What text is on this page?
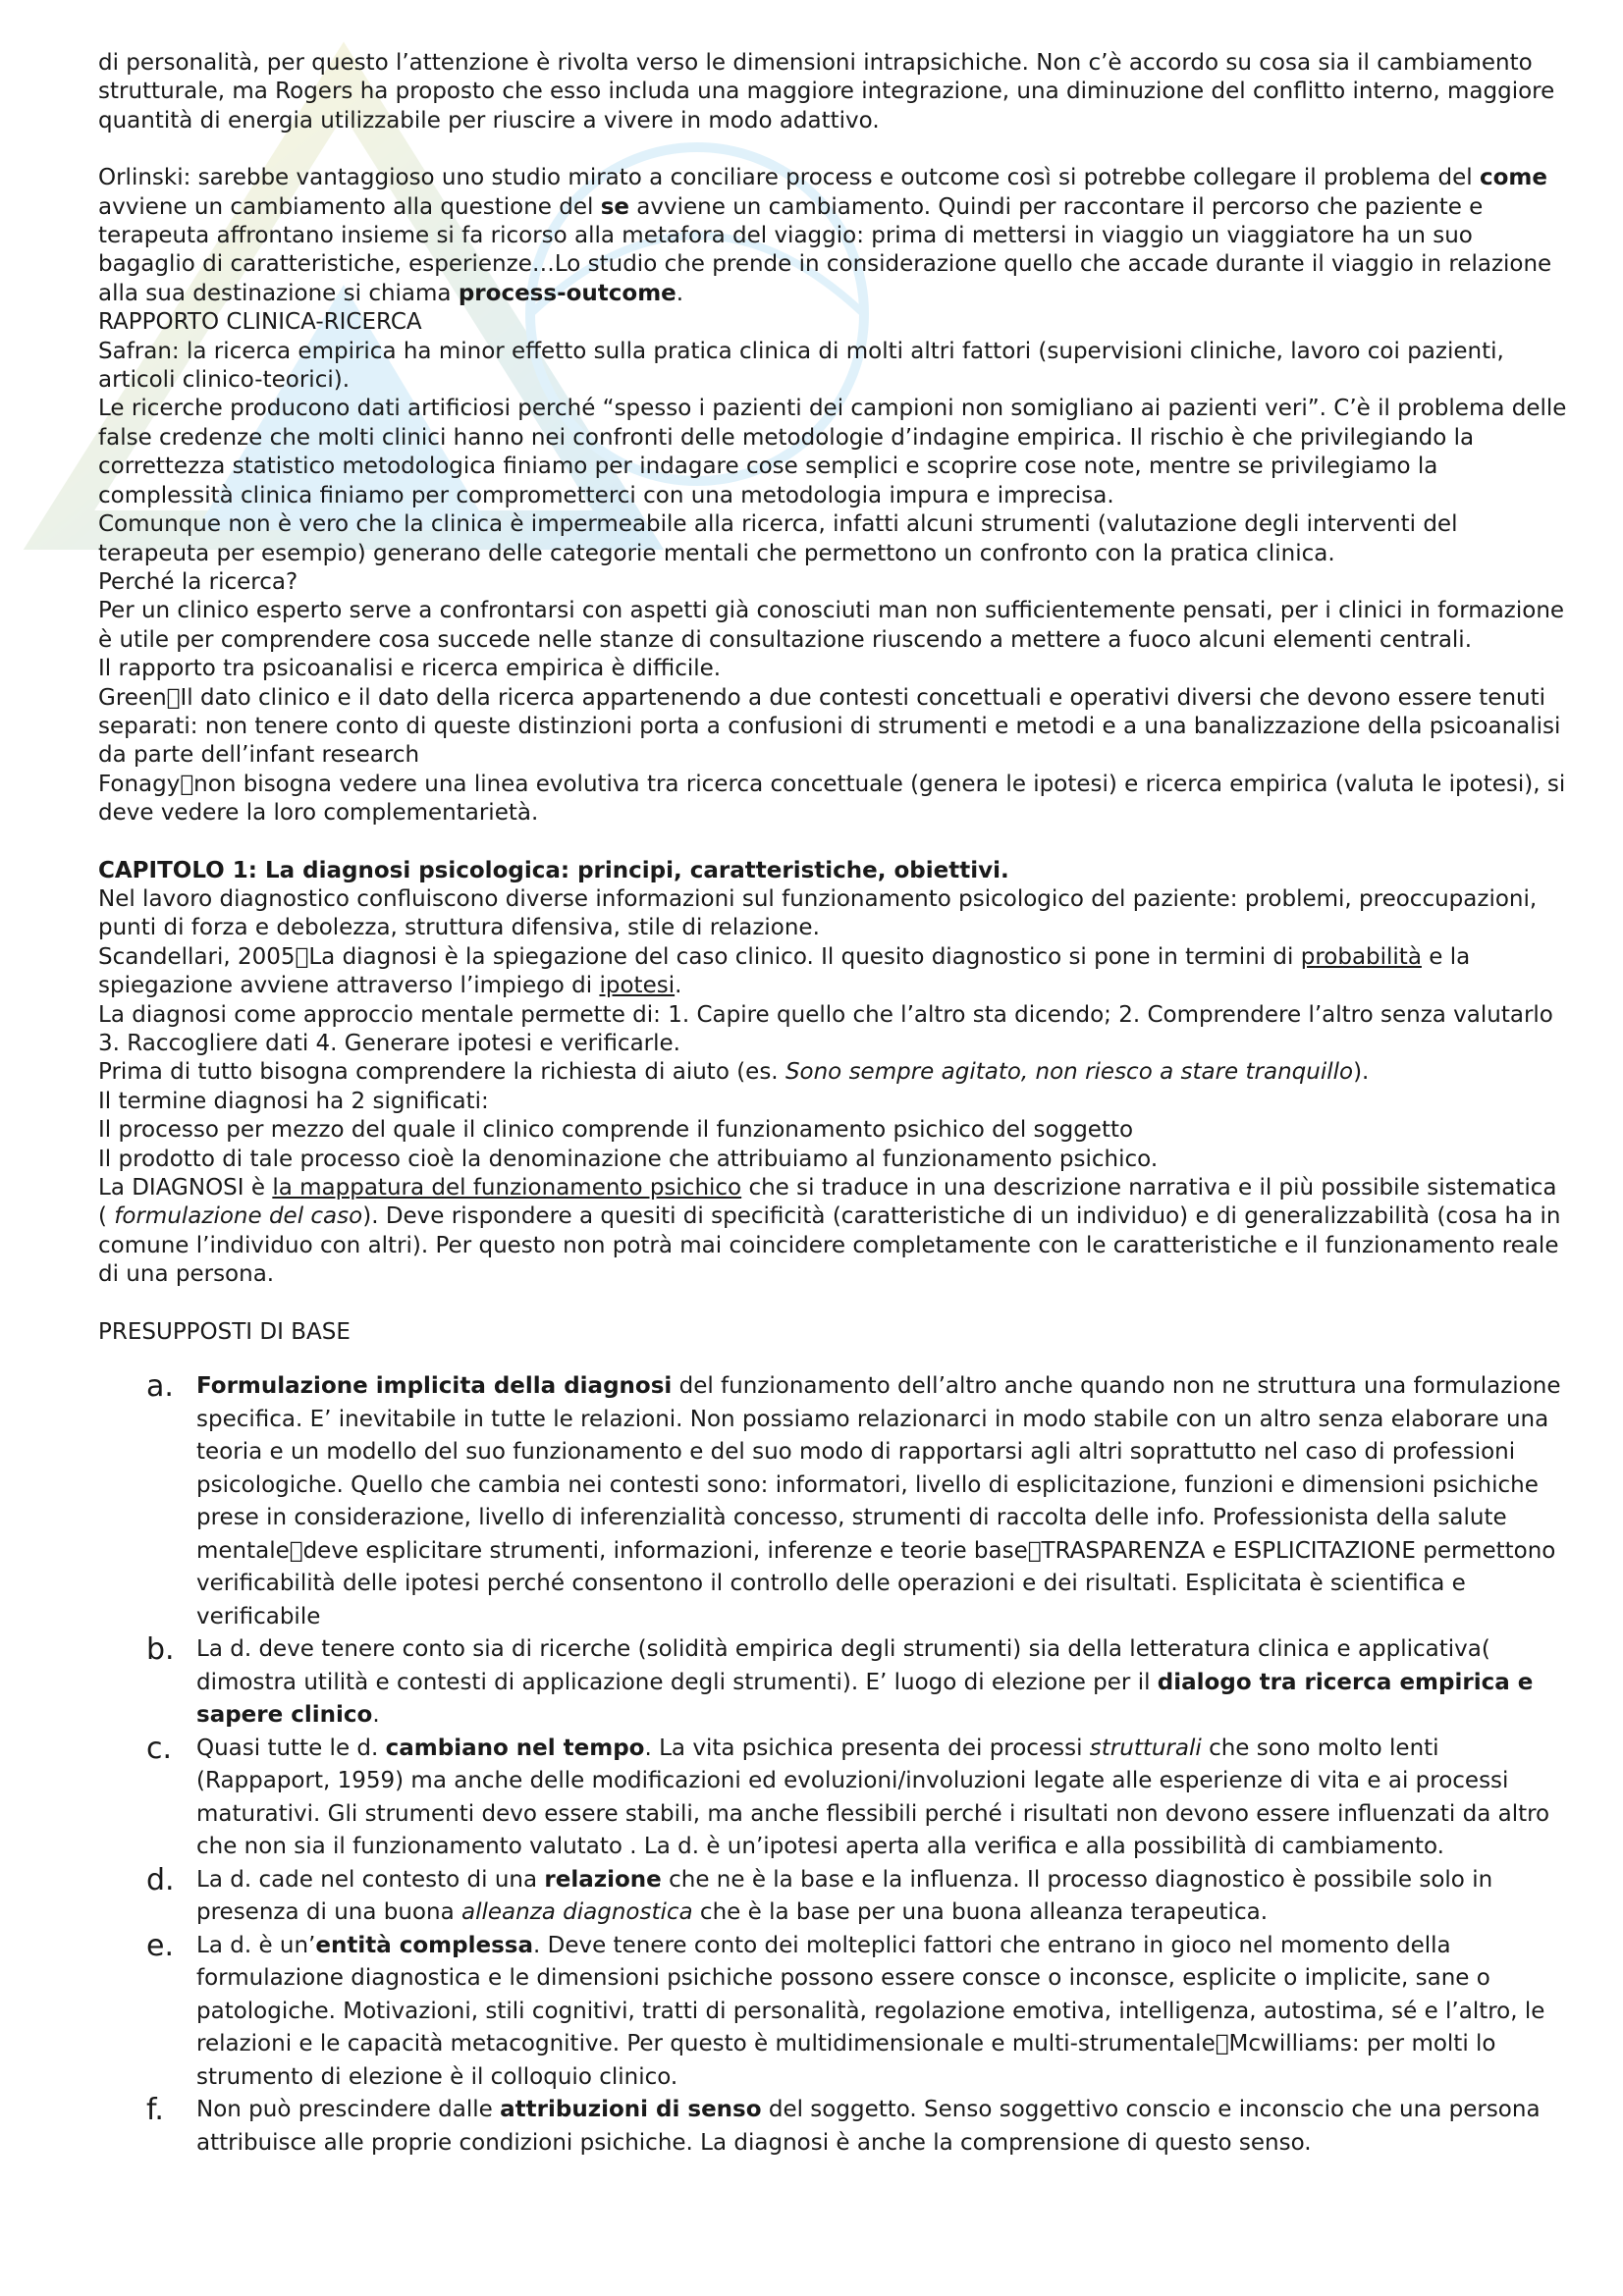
di personalità, per questo l’attenzione è rivolta verso le dimensioni intrapsichiche. Non c’è accordo su cosa sia il cambiamento strutturale, ma Rogers ha proposto che esso includa una maggiore integrazione, una diminuzione del conflitto interno, maggiore quantità di energia utilizzabile per riuscire a vivere in modo adattivo.

Orlinski: sarebbe vantaggioso uno studio mirato a conciliare process e outcome così si potrebbe collegare il problema del come avviene un cambiamento alla questione del se avviene un cambiamento. Quindi per raccontare il percorso che paziente e terapeuta affrontano insieme si fa ricorso alla metafora del viaggio: prima di mettersi in viaggio un viaggiatore ha un suo bagaglio di caratteristiche, esperienze…Lo studio che prende in considerazione quello che accade durante il viaggio in relazione alla sua destinazione si chiama process-outcome.

RAPPORTO CLINICA-RICERCA

Safran: la ricerca empirica ha minor effetto sulla pratica clinica di molti altri fattori (supervisioni cliniche, lavoro coi pazienti, articoli clinico-teorici).

Le ricerche producono dati artificiosi perché “spesso i pazienti dei campioni non somigliano ai pazienti veri”. C’è il problema delle false credenze che molti clinici hanno nei confronti delle metodologie d’indagine empirica. Il rischio è che privilegiando la correttezza statistico metodologica finiamo per indagare cose semplici e scoprire cose note, mentre se privilegiamo la complessità clinica finiamo per comprometterci con una metodologia impura e imprecisa.

Comunque non è vero che la clinica è impermeabile alla ricerca, infatti alcuni strumenti (valutazione degli interventi del terapeuta per esempio) generano delle categorie mentali che permettono un confronto con la pratica clinica.

Perché la ricerca?

Per un clinico esperto serve a confrontarsi con aspetti già conosciuti man non sufficientemente pensati, per i clinici in formazione è utile per comprendere cosa succede nelle stanze di consultazione riuscendo a mettere a fuoco alcuni elementi centrali.

Il rapporto tra psicoanalisi e ricerca empirica è difficile.

Green Il dato clinico e il dato della ricerca appartenendo a due contesti concettuali e operativi diversi che devono essere tenuti separati: non tenere conto di queste distinzioni porta a confusioni di strumenti e metodi e a una banalizzazione della psicoanalisi da parte dell’infant research

Fonagy non bisogna vedere una linea evolutiva tra ricerca concettuale (genera le ipotesi) e ricerca empirica (valuta le ipotesi), si deve vedere la loro complementarietà.

CAPITOLO 1: La diagnosi psicologica: principi, caratteristiche, obiettivi.

Nel lavoro diagnostico confluiscono diverse informazioni sul funzionamento psicologico del paziente: problemi, preoccupazioni, punti di forza e debolezza, struttura difensiva, stile di relazione.

Scandellari, 2005 La diagnosi è la spiegazione del caso clinico. Il quesito diagnostico si pone in termini di probabilità e la spiegazione avviene attraverso l’impiego di ipotesi.

La diagnosi come approccio mentale permette di: 1. Capire quello che l’altro sta dicendo; 2. Comprendere l’altro senza valutarlo 3. Raccogliere dati 4. Generare ipotesi e verificarle.

Prima di tutto bisogna comprendere la richiesta di aiuto (es. Sono sempre agitato, non riesco a stare tranquillo).

Il termine diagnosi ha 2 significati:

Il processo per mezzo del quale il clinico comprende il funzionamento psichico del soggetto

Il prodotto di tale processo cioè la denominazione che attribuiamo al funzionamento psichico.

La DIAGNOSI è la mappatura del funzionamento psichico che si traduce in una descrizione narrativa e il più possibile sistematica ( formulazione del caso). Deve rispondere a quesiti di specificità (caratteristiche di un individuo) e di generalizzabilità (cosa ha in comune l’individuo con altri). Per questo non potrà mai coincidere completamente con le caratteristiche e il funzionamento reale di una persona.

PRESUPPOSTI DI BASE

a.	Formulazione implicita della diagnosi del funzionamento dell’altro anche quando non ne struttura una formulazione specifica. E’ inevitabile in tutte le relazioni. Non possiamo relazionarci in modo stabile con un altro senza elaborare una teoria e un modello del suo funzionamento e del suo modo di rapportarsi agli altri soprattutto nel caso di professioni psicologiche. Quello che cambia nei contesti sono: informatori, livello di esplicitazione, funzioni e dimensioni psichiche prese in considerazione, livello di inferenzialità concesso, strumenti di raccolta delle info. Professionista della salute mentale deve esplicitare strumenti, informazioni, inferenze e teorie base TRASPARENZA e ESPLICITAZIONE permettono verificabilità delle ipotesi perché consentono il controllo delle operazioni e dei risultati. Esplicitata è scientifica e verificabile
b. La d. deve tenere conto sia di ricerche (solidità empirica degli strumenti) sia della letteratura clinica e applicativa( dimostra utilità e contesti di applicazione degli strumenti). E’ luogo di elezione per il dialogo tra ricerca empirica e sapere clinico.
c.	Quasi tutte le d. cambiano nel tempo. La vita psichica presenta dei processi strutturali che sono molto lenti (Rappaport, 1959) ma anche delle modificazioni ed evoluzioni/involuzioni legate alle esperienze di vita e ai processi maturativi. Gli strumenti devo essere stabili, ma anche flessibili perché i risultati non devono essere influenzati da altro che non sia il funzionamento valutato . La d. è un’ipotesi aperta alla verifica e alla possibilità di cambiamento.
d. La d. cade nel contesto di una relazione che ne è la base e la influenza. Il processo diagnostico è possibile solo in presenza di una buona alleanza diagnostica che è la base per una buona alleanza terapeutica.
e.	La d. è un’entità complessa. Deve tenere conto dei molteplici fattori che entrano in gioco nel momento della formulazione diagnostica e le dimensioni psichiche possono essere consce o inconsce, esplicite o implicite, sane o patologiche. Motivazioni, stili cognitivi, tratti di personalità, regolazione emotiva, intelligenza, autostima, sé e l’altro, le relazioni e le capacità metacognitive. Per questo è multidimensionale e multi-strumentale Mcwilliams: per molti lo strumento di elezione è il colloquio clinico.
f.	Non può prescindere dalle attribuzioni di senso del soggetto. Senso soggettivo conscio e inconscio che una persona attribuisce alle proprie condizioni psichiche. La diagnosi è anche la comprensione di questo senso.
